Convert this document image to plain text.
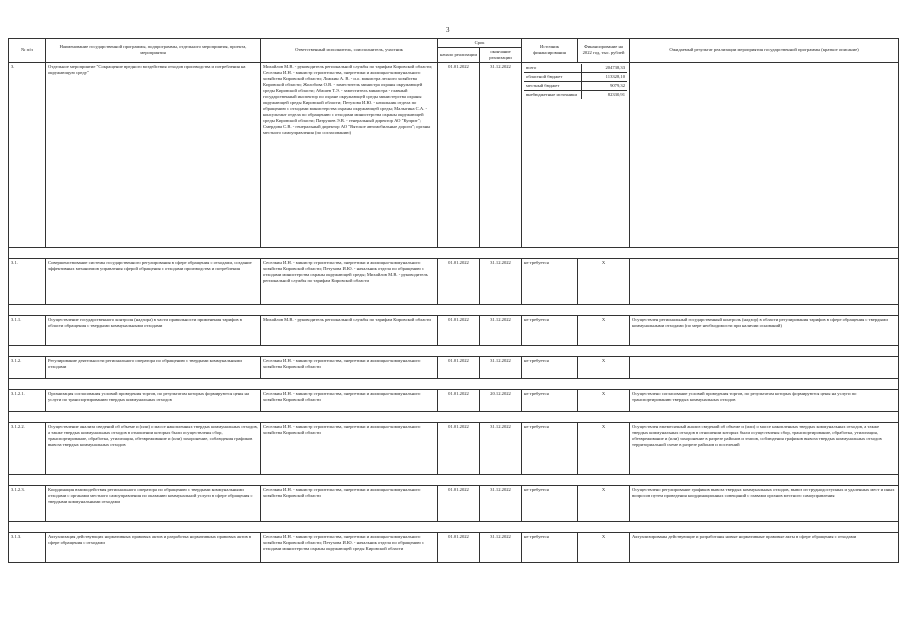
3
№ п/п	Наименование государственной программы, подпрограммы, отдельного мероприятия, проекта, мероприятия	Ответственный исполнитель, соисполнитель, участник	Срок	Источник финансирования	Финансирование на 2022 год, тыс. рублей	Ожидаемый результат реализации мероприятия государственной программы (краткое описание)
начало реализации	окончание реализации
3.	Отдельное мероприятие "Сокращение вредного воздействия отходов производства и потребления на окружающую среду"	Михайлов М.В. - руководитель региональной службы по тарифам Кировской области; Сеселкин И.Н. - министр строительства, энергетики и жилищно-коммунального хозяйства Кировской области; Ложкин А. В. - и.о. министра лесного хозяйства Кировской области; Жолобова О.В. - заместитель министра охраны окружающей среды Кировской области; Абашев Т.Э. - заместитель министра - главный государственный инспектор по охране окружающей среды министерства охраны окружающей среды Кировской области; Петухова И.Ю. - начальник отдела по обращению с отходами министерства охраны окружающей среды; Малыгина С.А. - консультант отдела по обращению с отходами министерства охраны окружающей среды Кировской области; Патрушев Э.В. - генеральный директор АО "Куприт"; Смердова С.В. - генеральный директор АО "Вятское автомобильные дороги"; органы местного самоуправления (по согласованию)	01.01.2022	31.12.2022		всего	204738,33
областной бюджет	113328,10
местный бюджет	9079,32
внебюджетные источники	82330,91

3.1.	Совершенствование системы государственного регулирования в сфере обращения с отходами, создание эффективных механизмов управления сферой обращения с отходами производства и потребления	Сеселкин И.Н. - министр строительства, энергетики и жилищно-коммунального хозяйства Кировской области; Петухова И.Ю. - начальник отдела по обращению с отходами министерства охраны окружающей среды; Михайлов М.В. - руководитель региональной службы по тарифам Кировской области	01.01.2022	31.12.2022	не требуется	Х	

3.1.1.	Осуществление государственного контроля (надзора) в части правильности применения тарифов в области обращения с твердыми коммунальными отходами	Михайлов М.В. - руководитель региональной службы по тарифам Кировской области	01.01.2022	31.12.2022	не требуется	Х	Осуществлен региональный государственный контроль (надзор) в области регулирования тарифов в сфере обращения с твердыми коммунальными отходами (по мере необходимости при наличии оснований)

3.1.2.	Регулирование деятельности регионального оператора по обращению с твердыми коммунальными отходами	Сеселкин И.Н. - министр строительства, энергетики и жилищно-коммунального хозяйства Кировской области	01.01.2022	31.12.2022	не требуется	Х	

3.1.2.1.	Организация согласования условий проведения торгов, по результатам которых формируются цены на услуги по транспортированию твердых коммунальных отходов	Сеселкин И.Н. - министр строительства, энергетики и жилищно-коммунального хозяйства Кировской области	01.01.2022	20.12.2022	не требуется	Х	Осуществлено согласование условий проведения торгов, по результатам которых формируются цены на услуги по транспортированию твердых коммунальных отходов

3.1.2.2.	Осуществление анализа сведений об объеме и (или) о массе накопленных твердых коммунальных отходов, а также твердых коммунальных отходов в отношении которых были осуществлены сбор, транспортирование, обработка, утилизация, обезвреживание и (или) захоронение, соблюдения графиков вывоза твердых коммунальных отходов	Сеселкин И.Н. - министр строительства, энергетики и жилищно-коммунального хозяйства Кировской области	01.01.2022	31.12.2022	не требуется	Х	Осуществлен ежемесячный анализ сведений об объеме и (или) о массе накопленных твердых коммунальных отходов, а также твердых коммунальных отходов в отношении которых были осуществлены сбор, транспортирование, обработка, утилизация, обезвреживание и (или) захоронение в разрезе районов и этапов, соблюдения графиков вывоза твердых коммунальных отходов территориальной схеме в разрезе районов и поселений

3.1.2.3.	Координация взаимодействия регионального оператора по обращению с твердыми коммунальными отходами с органами местного самоуправления по оказанию коммунальной услуги в сфере обращения с твердыми коммунальными отходами	Сеселкин И.Н. - министр строительства, энергетики и жилищно-коммунального хозяйства Кировской области	01.01.2022	31.12.2022	не требуется	Х	Осуществлено регулирование графиков вывоза твердых коммунальных отходов, вывоз из труднодоступных и удаленных мест и иных вопросов путем проведения координационных совещаний с главами органов местного самоуправления

3.1.3.	Актуализация действующих нормативных правовых актов и разработка нормативных правовых актов в сфере обращения с отходами	Сеселкин И.Н. - министр строительства, энергетики и жилищно-коммунального хозяйства Кировской области; Петухова И.Ю. - начальник отдела по обращению с отходами министерства охраны окружающей среды Кировской области	01.01.2022	31.12.2022	не требуется	Х	Актуализированы действующие и разработаны новые нормативные правовые акты в сфере обращения с отходами
